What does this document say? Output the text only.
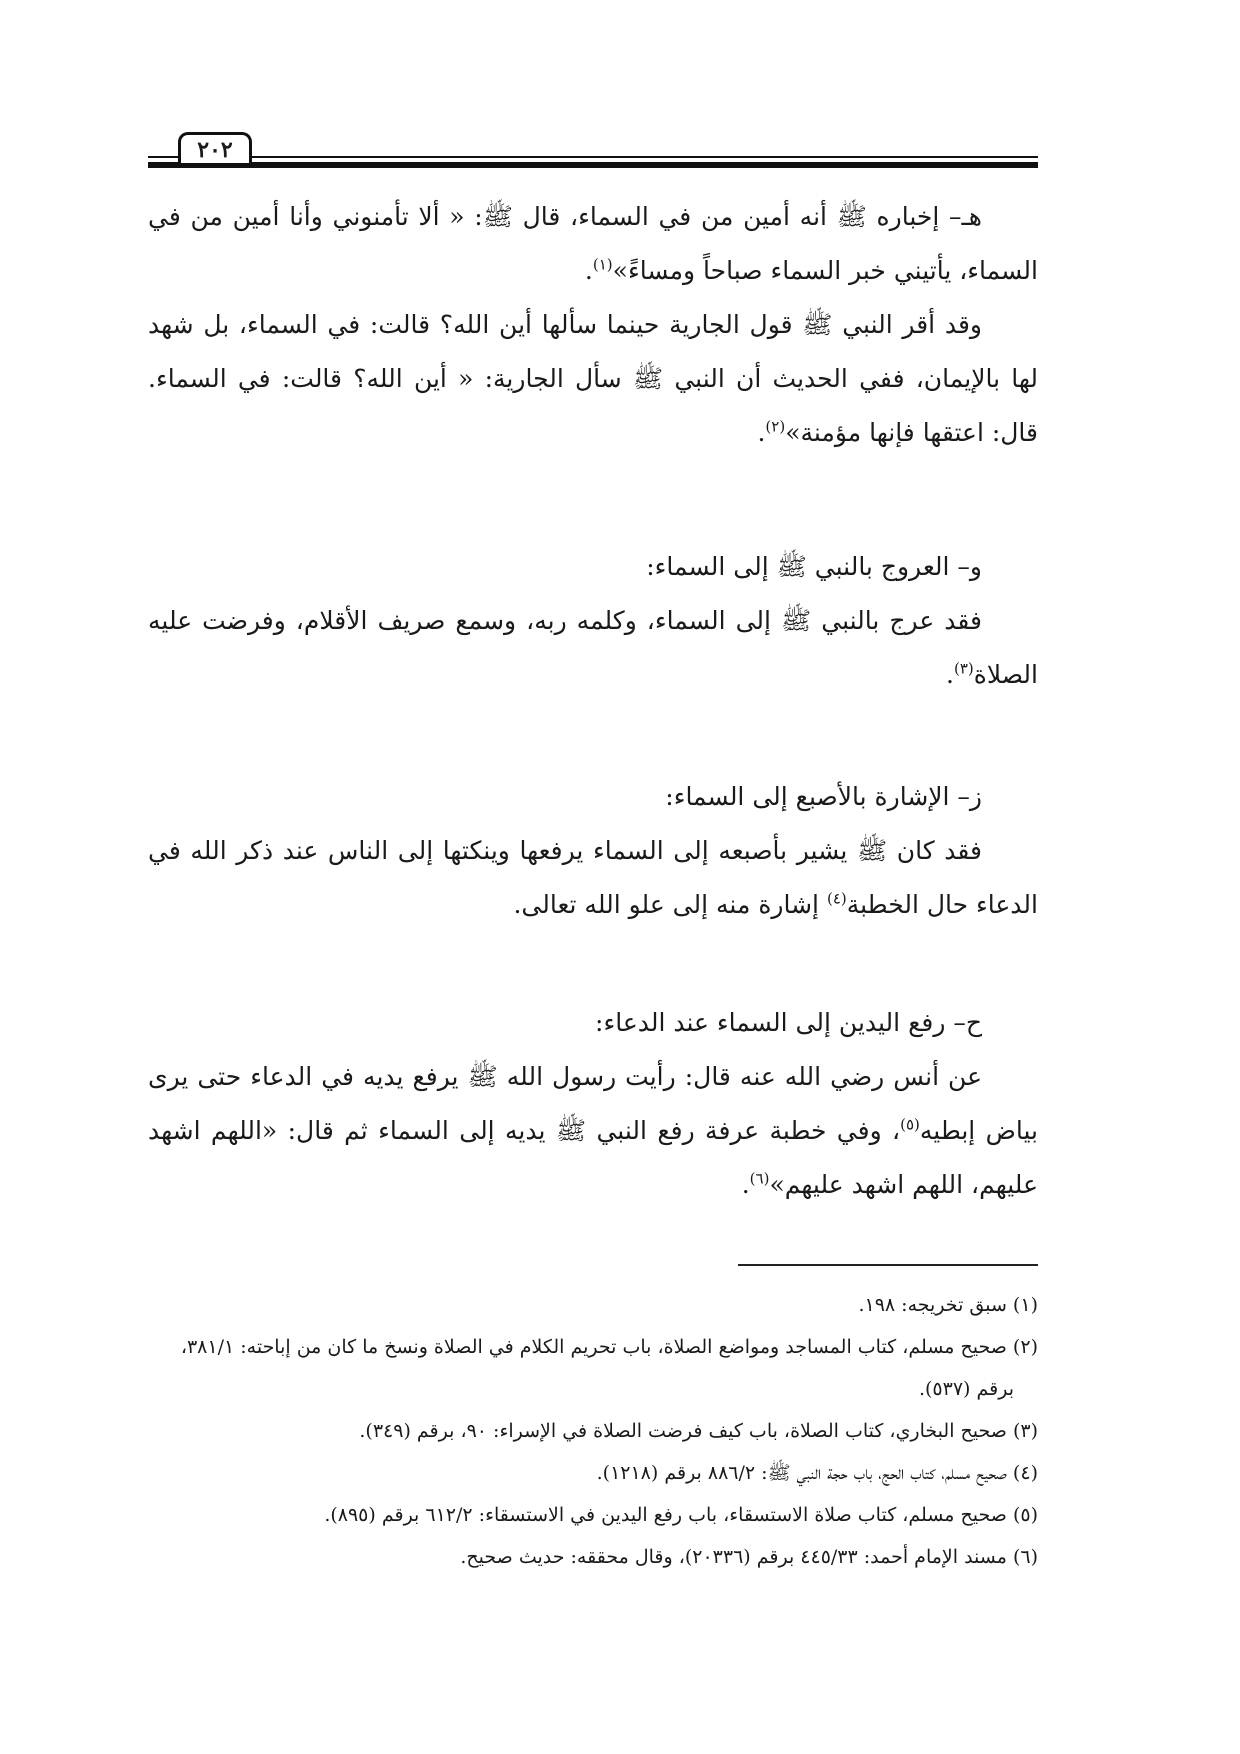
٢٠٢

هـ– إخباره ﷺ أنه أمين من في السماء، قال ﷺ: « ألا تأمنوني وأنا أمين من في السماء، يأتيني خبر السماء صباحاً ومساءً»$^{(١)}$.

وقد أقر النبي ﷺ قول الجارية حينما سألها أين الله؟ قالت: في السماء، بل شهد لها بالإيمان، ففي الحديث أن النبي ﷺ سأل الجارية: « أين الله؟ قالت: في السماء. قال: اعتقها فإنها مؤمنة»$^{(٢)}$.

و– العروج بالنبي ﷺ إلى السماء:

فقد عرج بالنبي ﷺ إلى السماء، وكلمه ربه، وسمع صريف الأقلام، وفرضت عليه الصلاة$^{(٣)}$.

ز– الإشارة بالأصبع إلى السماء:

فقد كان ﷺ يشير بأصبعه إلى السماء يرفعها وينكتها إلى الناس عند ذكر الله في الدعاء حال الخطبة$^{(٤)}$ إشارة منه إلى علو الله تعالى.

ح– رفع اليدين إلى السماء عند الدعاء:

عن أنس رضي الله عنه قال: رأيت رسول الله ﷺ يرفع يديه في الدعاء حتى يرى بياض إبطيه$^{(٥)}$، وفي خطبة عرفة رفع النبي ﷺ يديه إلى السماء ثم قال: «اللهم اشهد عليهم، اللهم اشهد عليهم»$^{(٦)}$.

(١) سبق تخريجه: ١٩٨.
(٢) صحيح مسلم، كتاب المساجد ومواضع الصلاة، باب تحريم الكلام في الصلاة ونسخ ما كان من إباحته: ٣٨١/١،
برقم (٥٣٧).
(٣) صحيح البخاري، كتاب الصلاة، باب كيف فرضت الصلاة في الإسراء: ٩٠، برقم (٣٤٩).
(٤) صحيح مسلم، كتاب الحج، باب حجة النبي ﷺ: ٨٨٦/٢ برقم (١٢١٨).
(٥) صحيح مسلم، كتاب صلاة الاستسقاء، باب رفع اليدين في الاستسقاء: ٦١٢/٢ برقم (٨٩٥).
(٦) مسند الإمام أحمد: ٤٤٥/٣٣ برقم (٢٠٣٣٦)، وقال محققه: حديث صحيح.
